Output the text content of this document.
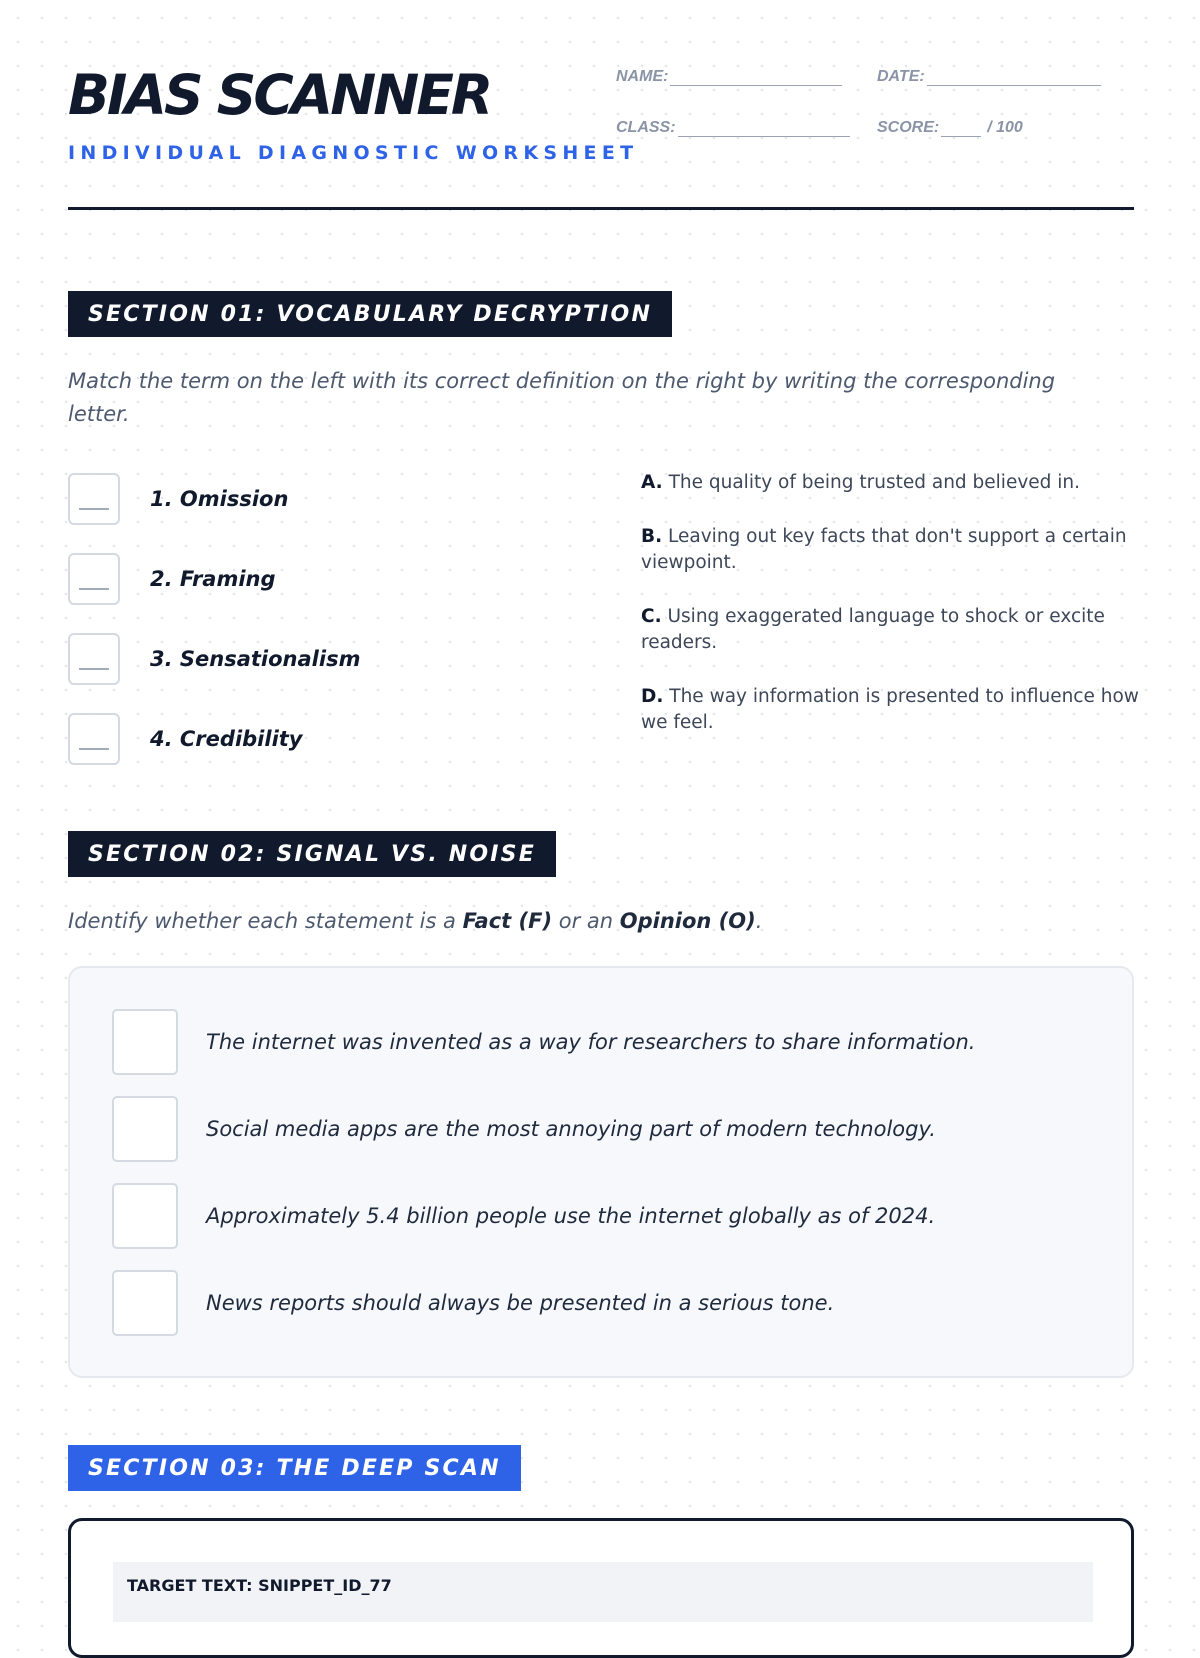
BIAS SCANNER
INDIVIDUAL DIAGNOSTIC WORKSHEET
NAME:	DATE:
CLASS:	SCORE:	/ 100
SECTION 01: VOCABULARY DECRYPTION

Match the term on the left with its correct definition on the right by writing the corresponding letter.

1. Omission
2. Framing
3. Sensationalism
4. Credibility
A. The quality of being trusted and believed in.
B. Leaving out key facts that don't support a certain viewpoint.
C. Using exaggerated language to shock or excite readers.
D. The way information is presented to influence how we feel.
SECTION 02: SIGNAL VS. NOISE

Identify whether each statement is a Fact (F) or an Opinion (O).

The internet was invented as a way for researchers to share information.
Social media apps are the most annoying part of modern technology.
Approximately 5.4 billion people use the internet globally as of 2024.
News reports should always be presented in a serious tone.
SECTION 03: THE DEEP SCAN
TARGET TEXT: SNIPPET_ID_77
